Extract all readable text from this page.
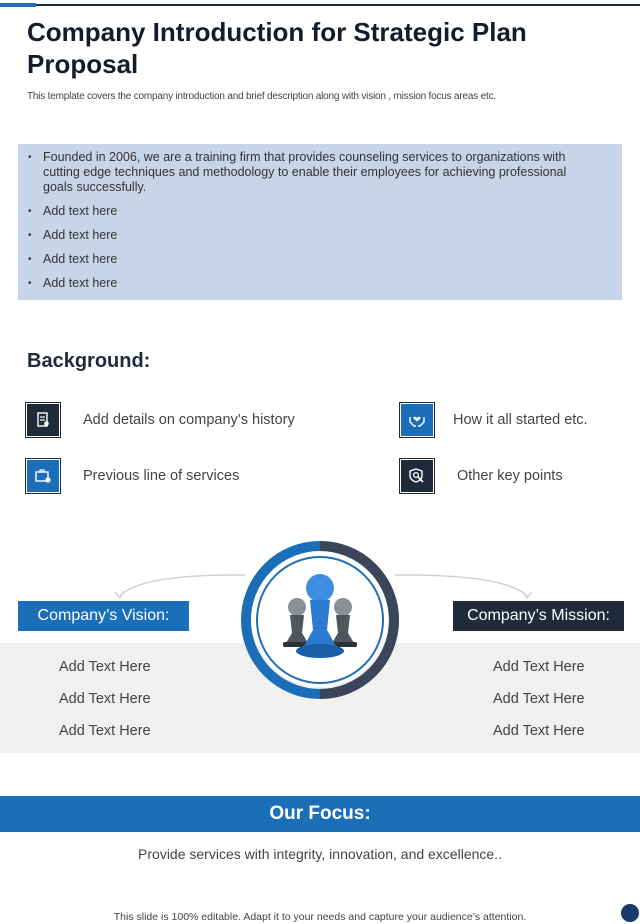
Company Introduction for Strategic Plan Proposal
This template covers the company introduction and brief description along with vision , mission focus areas etc.
• Founded in 2006, we are a training firm that provides counseling services to organizations with cutting edge techniques and methodology to enable their employees for achieving professional goals successfully.
• Add text here
• Add text here
• Add text here
• Add text here
Background:
Add details on company’s history	How it all started etc.
Previous line of services	Other key points
Company’s Vision:	Company’s Mission:
Add Text Here
Add Text Here
Add Text Here
Add Text Here
Add Text Here
Add Text Here
Our Focus:
Provide services with integrity, innovation, and excellence..
This slide is 100% editable. Adapt it to your needs and capture your audience’s attention.
